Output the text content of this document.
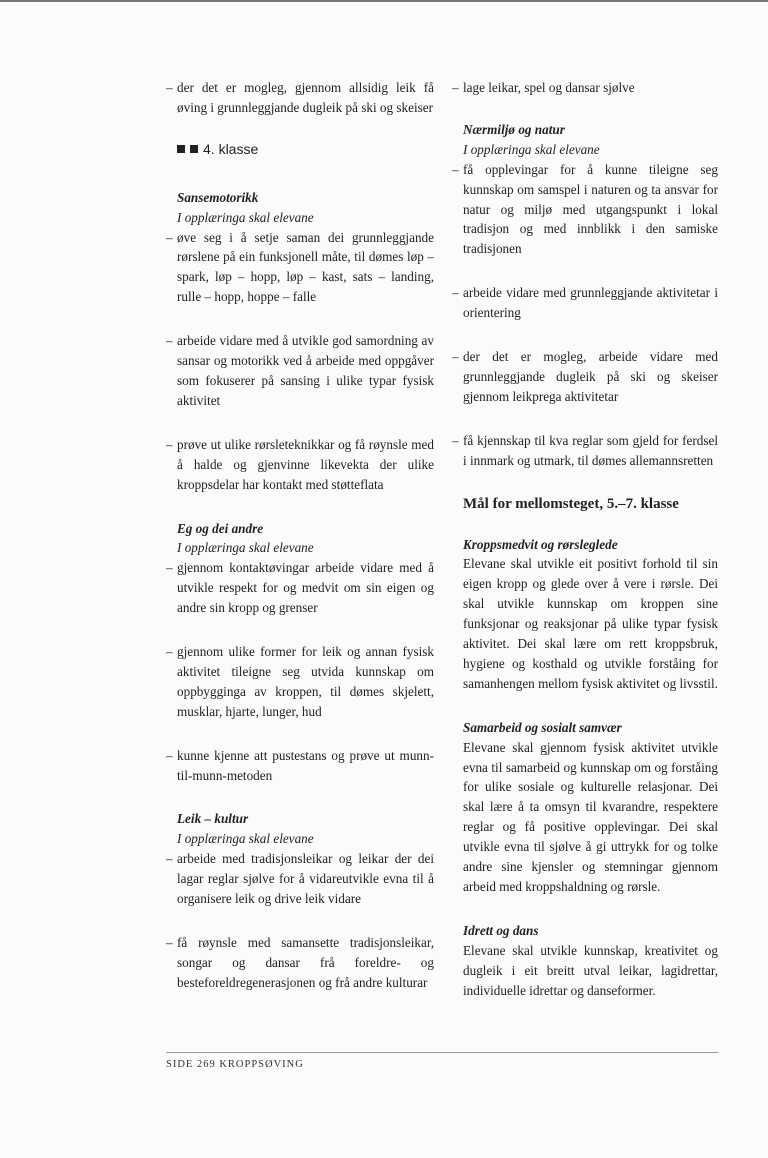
– der det er mogleg, gjennom allsidig leik få øving i grunnleggjande dugleik på ski og skeiser
4. klasse

Sansemotorikk

I opplæringa skal elevane

– øve seg i å setje saman dei grunnleggjande rørslene på ein funksjonell måte, til dømes løp – spark, løp – hopp, løp – kast, sats – landing, rulle – hopp, hoppe – falle
– arbeide vidare med å utvikle god samordning av sansar og motorikk ved å arbeide med oppgåver som fokuserer på sansing i ulike typar fysisk aktivitet
– prøve ut ulike rørsleteknikkar og få røynsle med å halde og gjenvinne likevekta der ulike kroppsdelar har kontakt med støtteflata

Eg og dei andre

I opplæringa skal elevane

– gjennom kontaktøvingar arbeide vidare med å utvikle respekt for og medvit om sin eigen og andre sin kropp og grenser
– gjennom ulike former for leik og annan fysisk aktivitet tileigne seg utvida kunnskap om oppbygginga av kroppen, til dømes skjelett, musklar, hjarte, lunger, hud
– kunne kjenne att pustestans og prøve ut munn-til-munn-metoden

Leik – kultur

I opplæringa skal elevane

– arbeide med tradisjonsleikar og leikar der dei lagar reglar sjølve for å vidareutvikle evna til å organisere leik og drive leik vidare
– få røynsle med samansette tradisjonsleikar, songar og dansar frå foreldre- og besteforeldregenerasjonen og frå andre kulturar
– lage leikar, spel og dansar sjølve

Nærmiljø og natur

I opplæringa skal elevane

– få opplevingar for å kunne tileigne seg kunnskap om samspel i naturen og ta ansvar for natur og miljø med utgangspunkt i lokal tradisjon og med innblikk i den samiske tradisjonen
– arbeide vidare med grunnleggjande aktivitetar i orientering
– der det er mogleg, arbeide vidare med grunnleggjande dugleik på ski og skeiser gjennom leikprega aktivitetar
– få kjennskap til kva reglar som gjeld for ferdsel i innmark og utmark, til dømes allemannsretten

Mål for mellomsteget, 5.–7. klasse

Kroppsmedvit og rørsleglede

Elevane skal utvikle eit positivt forhold til sin eigen kropp og glede over å vere i rørsle. Dei skal utvikle kunnskap om kroppen sine funksjonar og reaksjonar på ulike typar fysisk aktivitet. Dei skal lære om rett kroppsbruk, hygiene og kosthald og utvikle forståing for samanhengen mellom fysisk aktivitet og livsstil.

Samarbeid og sosialt samvær

Elevane skal gjennom fysisk aktivitet utvikle evna til samarbeid og kunnskap om og forståing for ulike sosiale og kulturelle relasjonar. Dei skal lære å ta omsyn til kvarandre, respektere reglar og få positive opplevingar. Dei skal utvikle evna til sjølve å gi uttrykk for og tolke andre sine kjensler og stemningar gjennom arbeid med kroppshaldning og rørsle.

Idrett og dans

Elevane skal utvikle kunnskap, kreativitet og dugleik i eit breitt utval leikar, lagidrettar, individuelle idrettar og danseformer.

SIDE 269 KROPPSØVING
